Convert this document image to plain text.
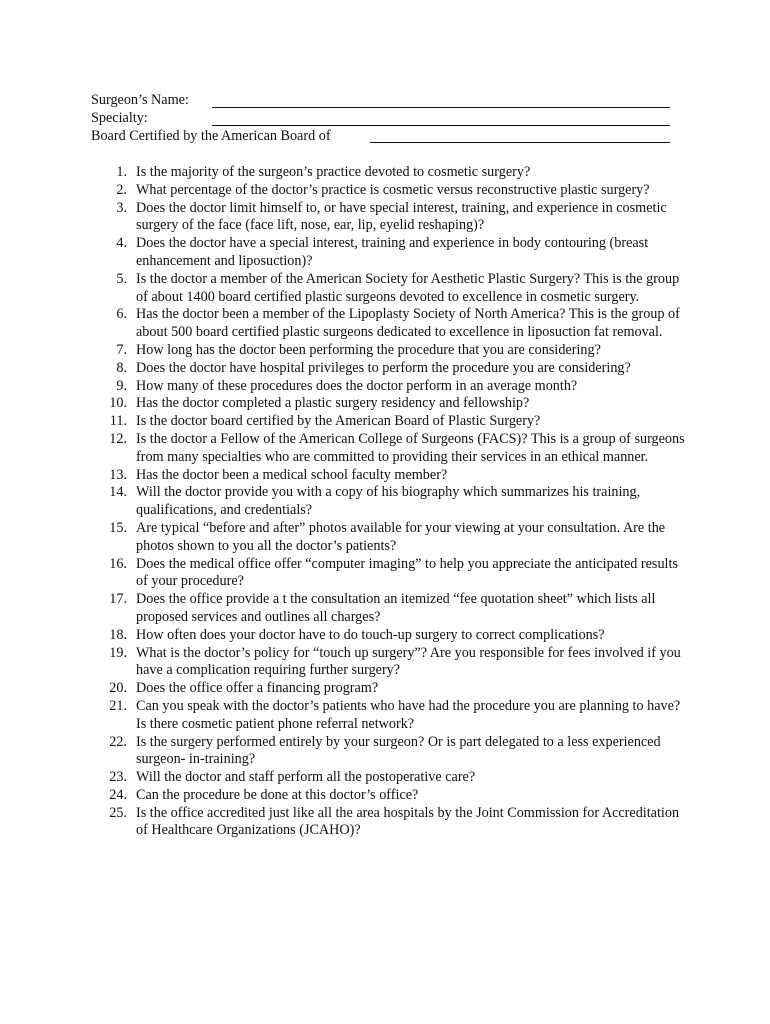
Surgeon’s Name:
Specialty:
Board Certified by the American Board of
1. Is the majority of the surgeon’s practice devoted to cosmetic surgery?
2. What percentage of the doctor’s practice is cosmetic versus reconstructive plastic surgery?
3. Does the doctor limit himself to, or have special interest, training, and experience in cosmetic surgery of the face (face lift, nose, ear, lip, eyelid reshaping)?
4. Does the doctor have a special interest, training and experience in body contouring (breast enhancement and liposuction)?
5. Is the doctor a member of the American Society for Aesthetic Plastic Surgery? This is the group of about 1400 board certified plastic surgeons devoted to excellence in cosmetic surgery.
6. Has the doctor been a member of the Lipoplasty Society of North America? This is the group of about 500 board certified plastic surgeons dedicated to excellence in liposuction fat removal.
7. How long has the doctor been performing the procedure that you are considering?
8. Does the doctor have hospital privileges to perform the procedure you are considering?
9. How many of these procedures does the doctor perform in an average month?
10. Has the doctor completed a plastic surgery residency and fellowship?
11. Is the doctor board certified by the American Board of Plastic Surgery?
12. Is the doctor a Fellow of the American College of Surgeons (FACS)? This is a group of surgeons from many specialties who are committed to providing their services in an ethical manner.
13. Has the doctor been a medical school faculty member?
14. Will the doctor provide you with a copy of his biography which summarizes his training, qualifications, and credentials?
15. Are typical “before and after” photos available for your viewing at your consultation. Are the photos shown to you all the doctor’s patients?
16. Does the medical office offer “computer imaging” to help you appreciate the anticipated results of your procedure?
17. Does the office provide a t the consultation an itemized “fee quotation sheet” which lists all proposed services and outlines all charges?
18. How often does your doctor have to do touch-up surgery to correct complications?
19. What is the doctor’s policy for “touch up surgery”? Are you responsible for fees involved if you have a complication requiring further surgery?
20. Does the office offer a financing program?
21. Can you speak with the doctor’s patients who have had the procedure you are planning to have? Is there cosmetic patient phone referral network?
22. Is the surgery performed entirely by your surgeon? Or is part delegated to a less experienced surgeon- in-training?
23. Will the doctor and staff perform all the postoperative care?
24. Can the procedure be done at this doctor’s office?
25. Is the office accredited just like all the area hospitals by the Joint Commission for Accreditation of Healthcare Organizations (JCAHO)?
